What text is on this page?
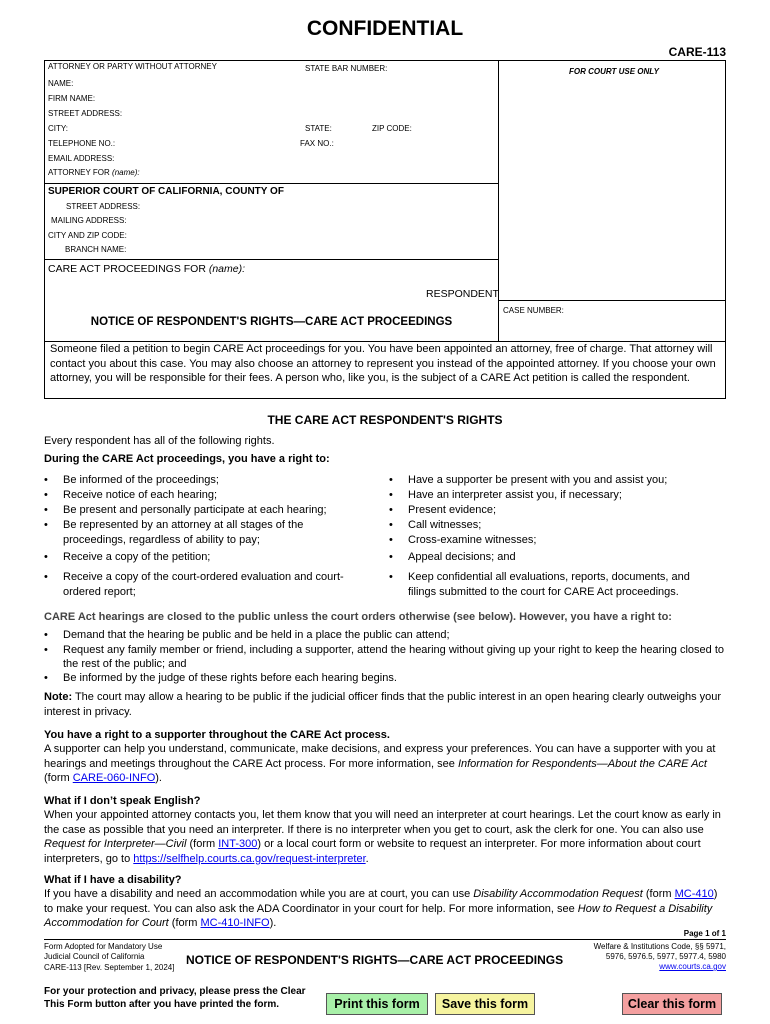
CONFIDENTIAL
CARE-113
ATTORNEY OR PARTY WITHOUT ATTORNEY	STATE BAR NUMBER:	FOR COURT USE ONLY
NAME:
FIRM NAME:
STREET ADDRESS:
CITY:	STATE:	ZIP CODE:
TELEPHONE NO.:	FAX NO.:
EMAIL ADDRESS:
ATTORNEY FOR (name):
SUPERIOR COURT OF CALIFORNIA, COUNTY OF
STREET ADDRESS:
MAILING ADDRESS:
CITY AND ZIP CODE:
BRANCH NAME:
CARE ACT PROCEEDINGS FOR (name):
RESPONDENT
CASE NUMBER:
NOTICE OF RESPONDENT'S RIGHTS—CARE ACT PROCEEDINGS
Someone filed a petition to begin CARE Act proceedings for you. You have been appointed an attorney, free of charge. That attorney will contact you about this case. You may also choose an attorney to represent you instead of the appointed attorney. If you choose your own attorney, you will be responsible for their fees. A person who, like you, is the subject of a CARE Act petition is called the respondent.
THE CARE ACT RESPONDENT'S RIGHTS
Every respondent has all of the following rights.
During the CARE Act proceedings, you have a right to:
• Be informed of the proceedings;
• Receive notice of each hearing;
• Be present and personally participate at each hearing;
• Be represented by an attorney at all stages of the proceedings, regardless of ability to pay;
• Receive a copy of the petition;
• Receive a copy of the court-ordered evaluation and court-ordered report;
• Have a supporter be present with you and assist you;
• Have an interpreter assist you, if necessary;
• Present evidence;
• Call witnesses;
• Cross-examine witnesses;
• Appeal decisions; and
• Keep confidential all evaluations, reports, documents, and filings submitted to the court for CARE Act proceedings.
CARE Act hearings are closed to the public unless the court orders otherwise (see below). However, you have a right to:
• Demand that the hearing be public and be held in a place the public can attend;
• Request any family member or friend, including a supporter, attend the hearing without giving up your right to keep the hearing closed to the rest of the public; and
• Be informed by the judge of these rights before each hearing begins.
Note: The court may allow a hearing to be public if the judicial officer finds that the public interest in an open hearing clearly outweighs your interest in privacy.
You have a right to a supporter throughout the CARE Act process.
A supporter can help you understand, communicate, make decisions, and express your preferences. You can have a supporter with you at hearings and meetings throughout the CARE Act process. For more information, see Information for Respondents—About the CARE Act (form CARE-060-INFO).
What if I don’t speak English?
When your appointed attorney contacts you, let them know that you will need an interpreter at court hearings. Let the court know as early in the case as possible that you need an interpreter. If there is no interpreter when you get to court, ask the clerk for one. You can also use Request for Interpreter—Civil (form INT-300) or a local court form or website to request an interpreter. For more information about court interpreters, go to https://selfhelp.courts.ca.gov/request-interpreter.
What if I have a disability?
If you have a disability and need an accommodation while you are at court, you can use Disability Accommodation Request (form MC-410) to make your request. You can also ask the ADA Coordinator in your court for help. For more information, see How to Request a Disability Accommodation for Court (form MC-410-INFO).
Page 1 of 1
Form Adopted for Mandatory Use
Judicial Council of California
CARE-113 [Rev. September 1, 2024]
NOTICE OF RESPONDENT'S RIGHTS—CARE ACT PROCEEDINGS
Welfare & Institutions Code, §§ 5971,
5976, 5976.5, 5977, 5977.4, 5980
www.courts.ca.gov
For your protection and privacy, please press the Clear
This Form button after you have printed the form.	Print this form	Save this form	Clear this form
